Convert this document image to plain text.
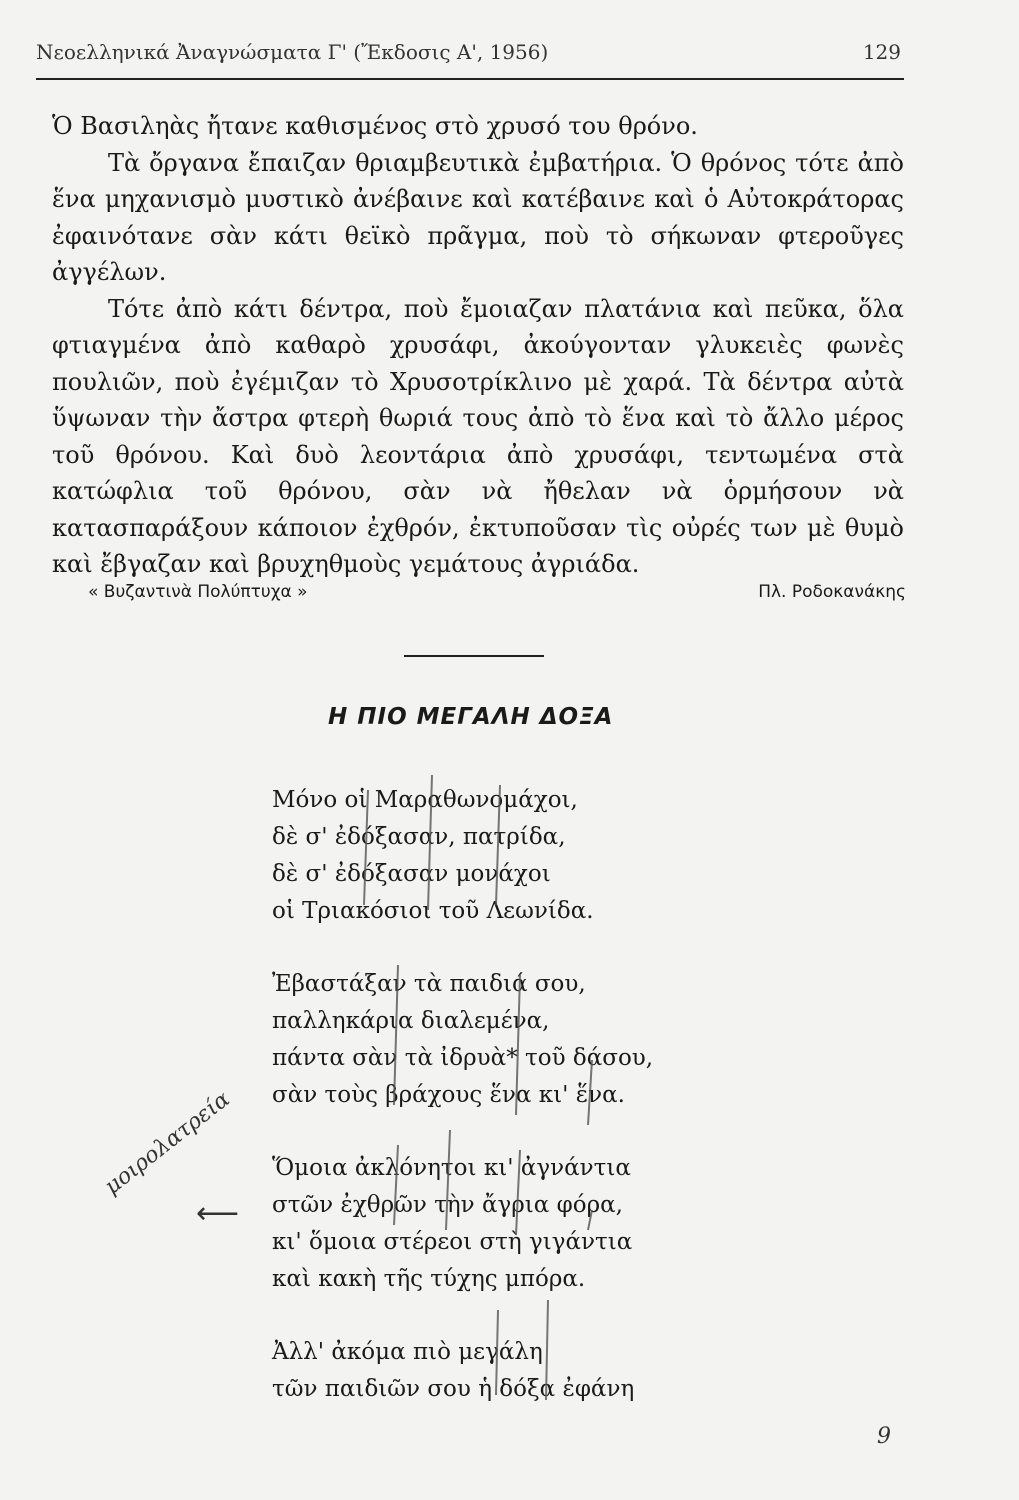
Νεοελληνικά Ἀναγνώσματα Γ' (Ἔκδοσις Α', 1956)	129

Ὁ Βασιληὰς ἤτανε καθισμένος στὸ χρυσό του θρόνο.

Τὰ ὄργανα ἔπαιζαν θριαμβευτικὰ ἐμβατήρια. Ὁ θρόνος τότε ἀπὸ ἕνα μηχανισμὸ μυστικὸ ἀνέβαινε καὶ κατέβαινε καὶ ὁ Αὐτοκράτορας ἐφαινότανε σὰν κάτι θεϊκὸ πρᾶγμα, ποὺ τὸ σήκωναν φτεροῦγες ἀγγέλων.

Τότε ἀπὸ κάτι δέντρα, ποὺ ἔμοιαζαν πλατάνια καὶ πεῦκα, ὅλα φτιαγμένα ἀπὸ καθαρὸ χρυσάφι, ἀκούγονταν γλυκειὲς φωνὲς πουλιῶν, ποὺ ἐγέμιζαν τὸ Χρυσοτρίκλινο μὲ χαρά. Τὰ δέντρα αὐτὰ ὕψωναν τὴν ἄστρα φτερὴ θωριά τους ἀπὸ τὸ ἕνα καὶ τὸ ἄλλο μέρος τοῦ θρόνου. Καὶ δυὸ λεοντάρια ἀπὸ χρυσάφι, τεντωμένα στὰ κατώφλια τοῦ θρόνου, σὰν νὰ ἤθελαν νὰ ὁρμήσουν νὰ κατασπαράξουν κάποιον ἐχθρόν, ἐκτυποῦσαν τὶς οὐρές των μὲ θυμὸ καὶ ἔβγαζαν καὶ βρυχηθμοὺς γεμάτους ἀγριάδα.

« Βυζαντινὰ Πολύπτυχα »	Πλ. Ροδοκανάκης
Η ΠΙΟ ΜΕΓΑΛΗ ΔΟΞΑ
Μόνο οἱ Μαραθωνομάχοι,
δὲ σ' ἐδόξασαν, πατρίδα,
δὲ σ' ἐδόξασαν μονάχοι
οἱ Τριακόσιοι τοῦ Λεωνίδα.
Ἐβαστάξαν τὰ παιδιά σου,
παλληκάρια διαλεμένα,
πάντα σὰν τὰ ἰδρυὰ* τοῦ δάσου,
σὰν τοὺς βράχους ἕνα κι' ἕνα.
Ὅμοια ἀκλόνητοι κι' ἀγνάντια
στῶν ἐχθρῶν τὴν ἄγρια φόρα,
κι' ὅμοια στέρεοι στὴ γιγάντια
καὶ κακὴ τῆς τύχης μπόρα.
Ἀλλ' ἀκόμα πιὸ μεγάλη
τῶν παιδιῶν σου ἡ δόξα ἐφάνη
μοιρολατρεία
⟵
9
